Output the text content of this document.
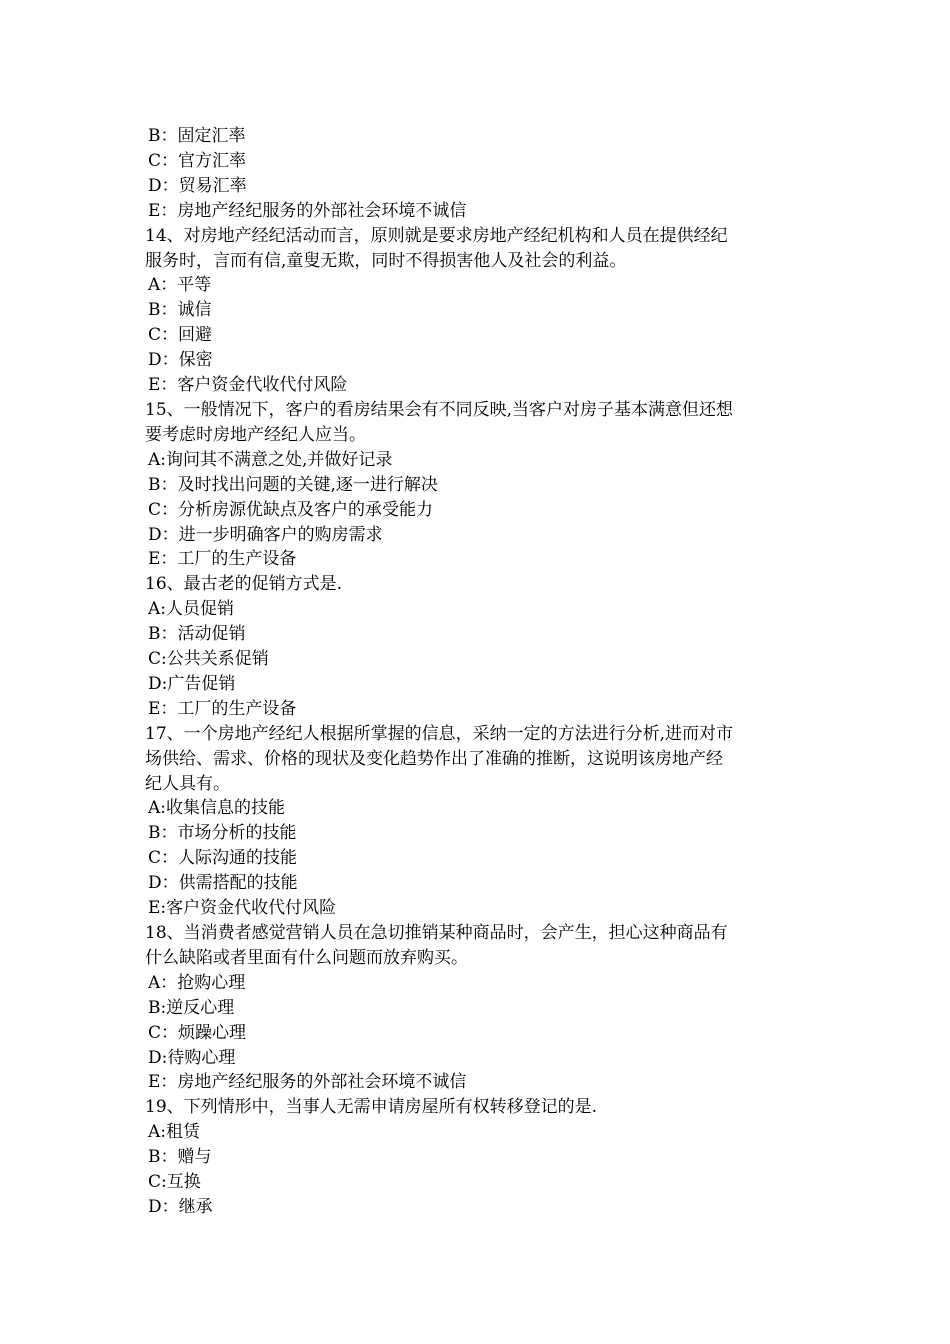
B：固定汇率

C：官方汇率

D：贸易汇率

E：房地产经纪服务的外部社会环境不诚信

14、对房地产经纪活动而言，原则就是要求房地产经纪机构和人员在提供经纪

服务时，言而有信,童叟无欺，同时不得损害他人及社会的利益。

A：平等

B：诚信

C：回避

D：保密

E：客户资金代收代付风险

15、一般情况下，客户的看房结果会有不同反映,当客户对房子基本满意但还想

要考虑时房地产经纪人应当。

A:询问其不满意之处,并做好记录

B：及时找出问题的关键,逐一进行解决

C：分析房源优缺点及客户的承受能力

D：进一步明确客户的购房需求

E：工厂的生产设备

16、最古老的促销方式是.

A:人员促销

B：活动促销

C:公共关系促销

D:广告促销

E：工厂的生产设备

17、一个房地产经纪人根据所掌握的信息，采纳一定的方法进行分析,进而对市

场供给、需求、价格的现状及变化趋势作出了准确的推断，这说明该房地产经

纪人具有。

A:收集信息的技能

B：市场分析的技能

C：人际沟通的技能

D：供需搭配的技能

E:客户资金代收代付风险

18、当消费者感觉营销人员在急切推销某种商品时，会产生，担心这种商品有

什么缺陷或者里面有什么问题而放弃购买。

A：抢购心理

B:逆反心理

C：烦躁心理

D:待购心理

E：房地产经纪服务的外部社会环境不诚信

19、下列情形中，当事人无需申请房屋所有权转移登记的是.

A:租赁

B：赠与

C:互换

D：继承
